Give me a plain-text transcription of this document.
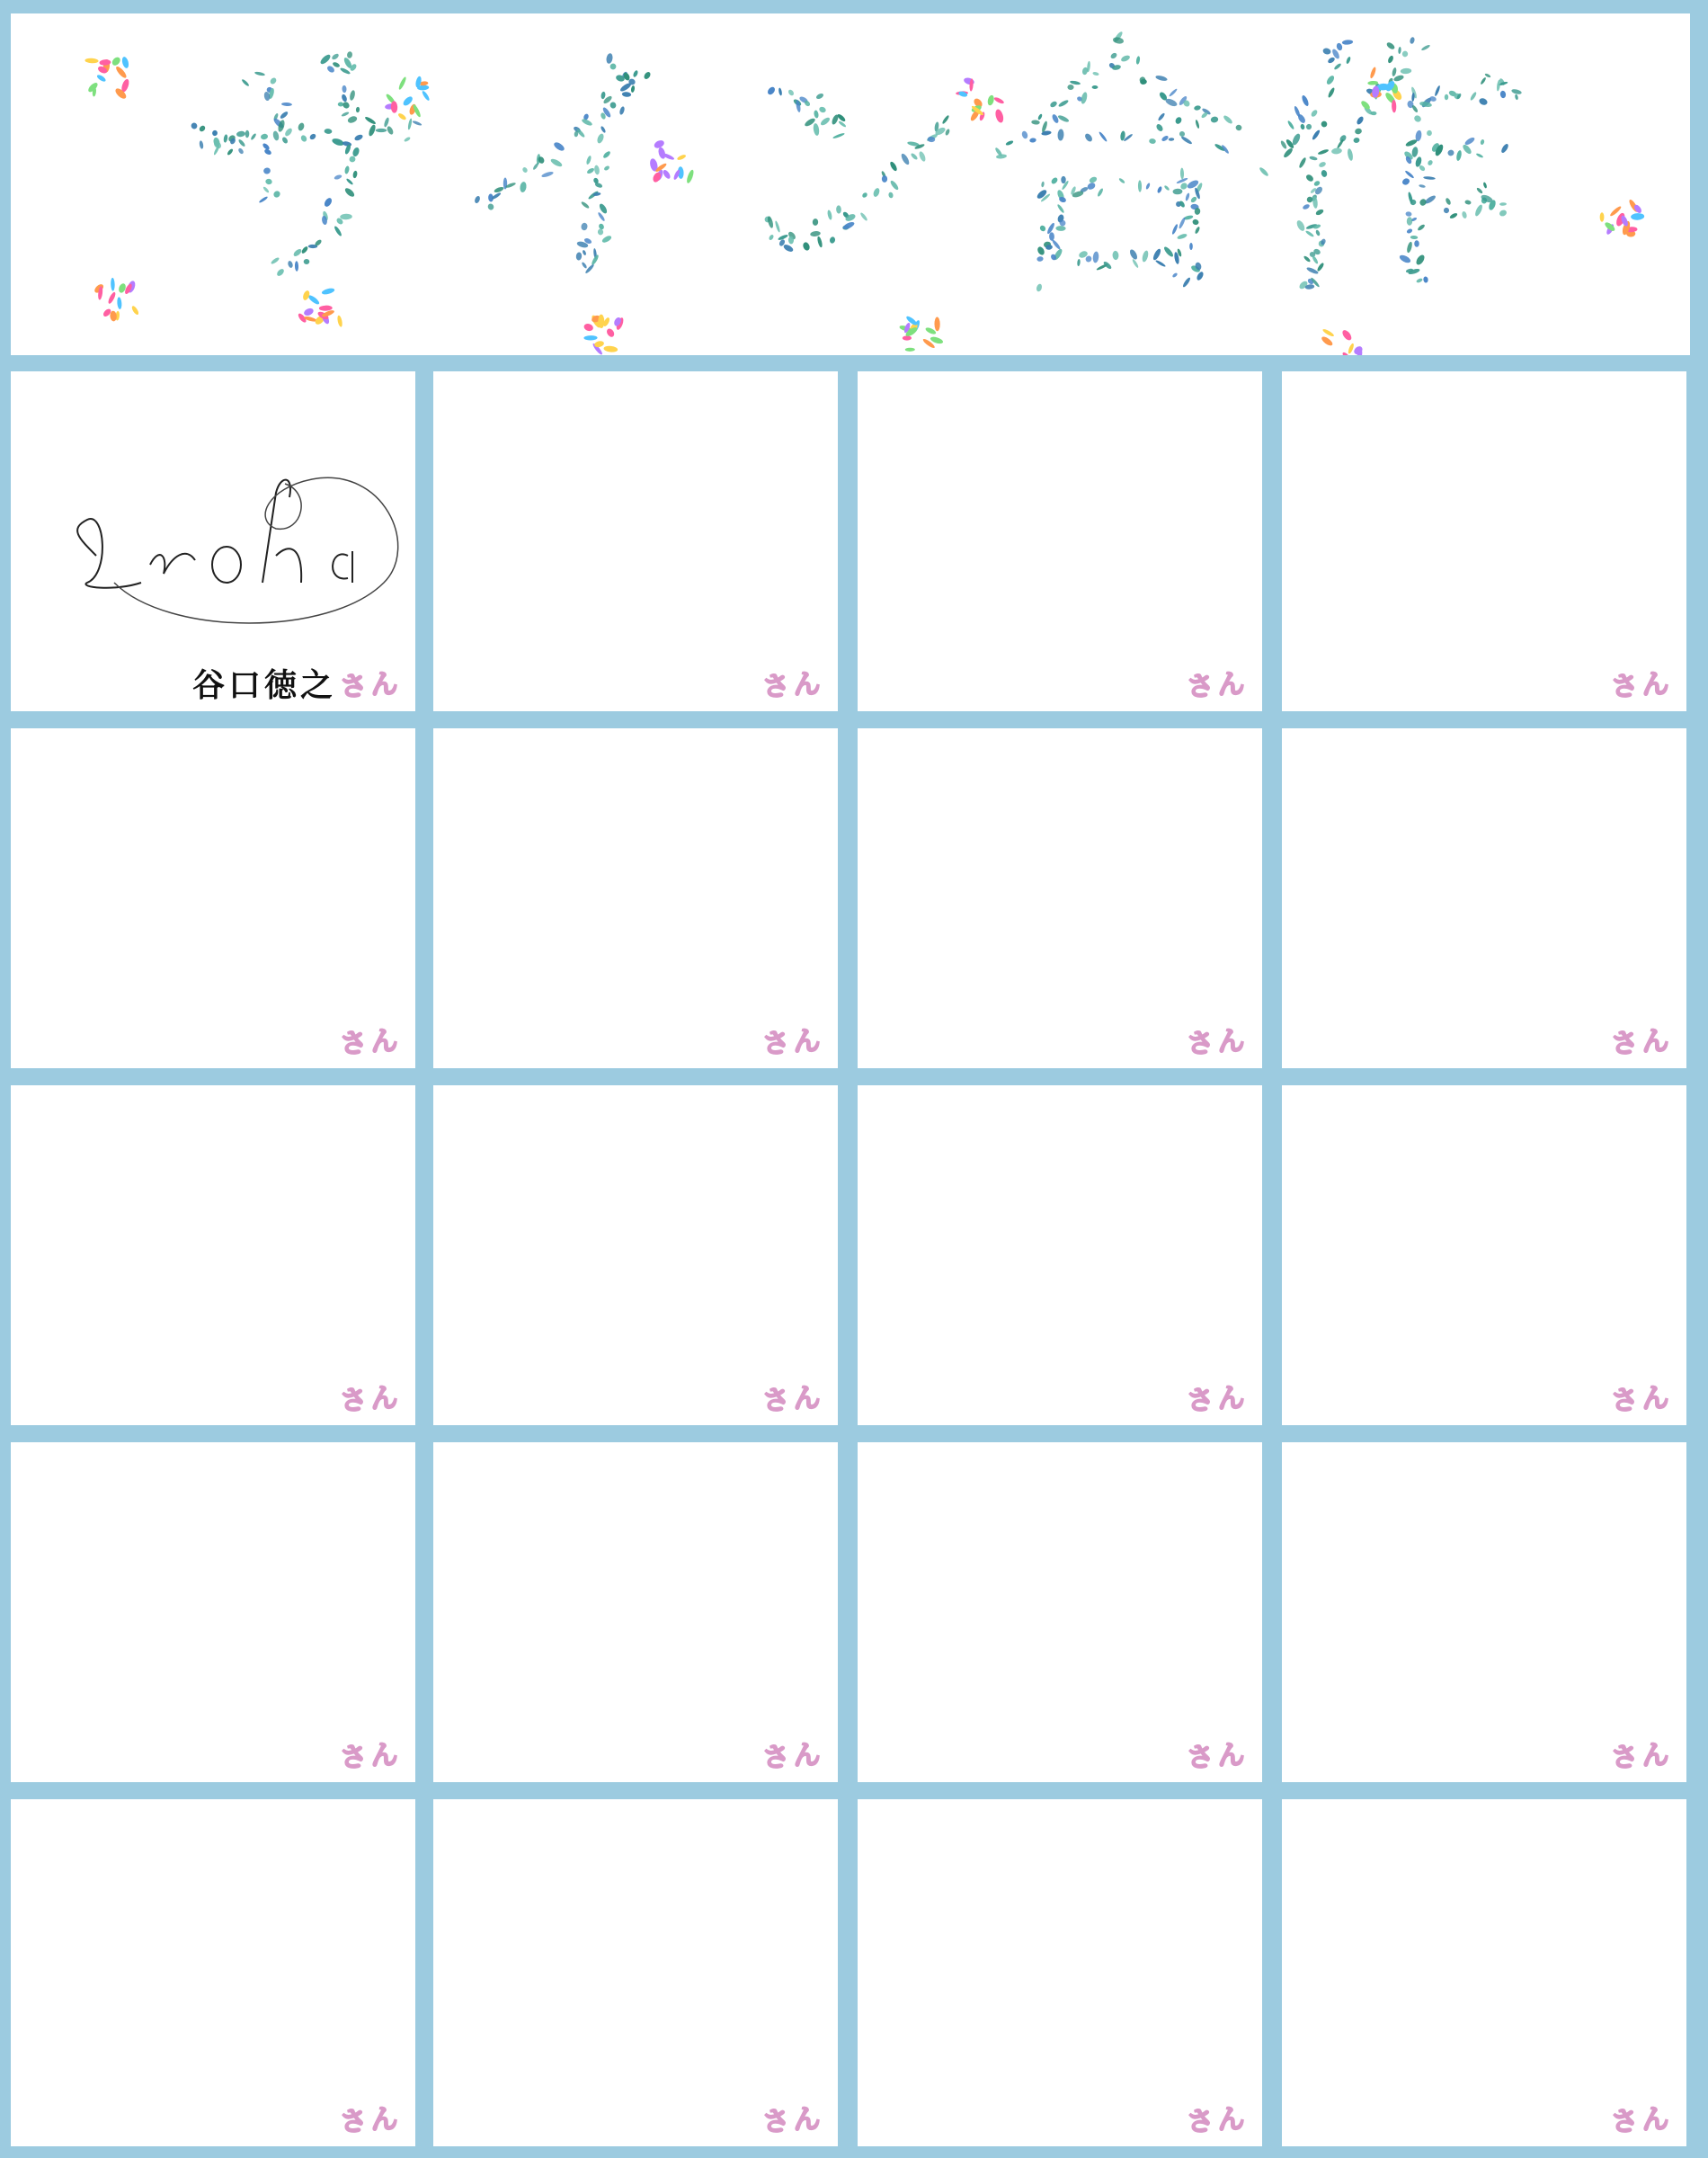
谷口徳之 さん	さん	さん	さん
さん	さん	さん	さん
さん	さん	さん	さん
さん	さん	さん	さん
さん	さん	さん	さん
